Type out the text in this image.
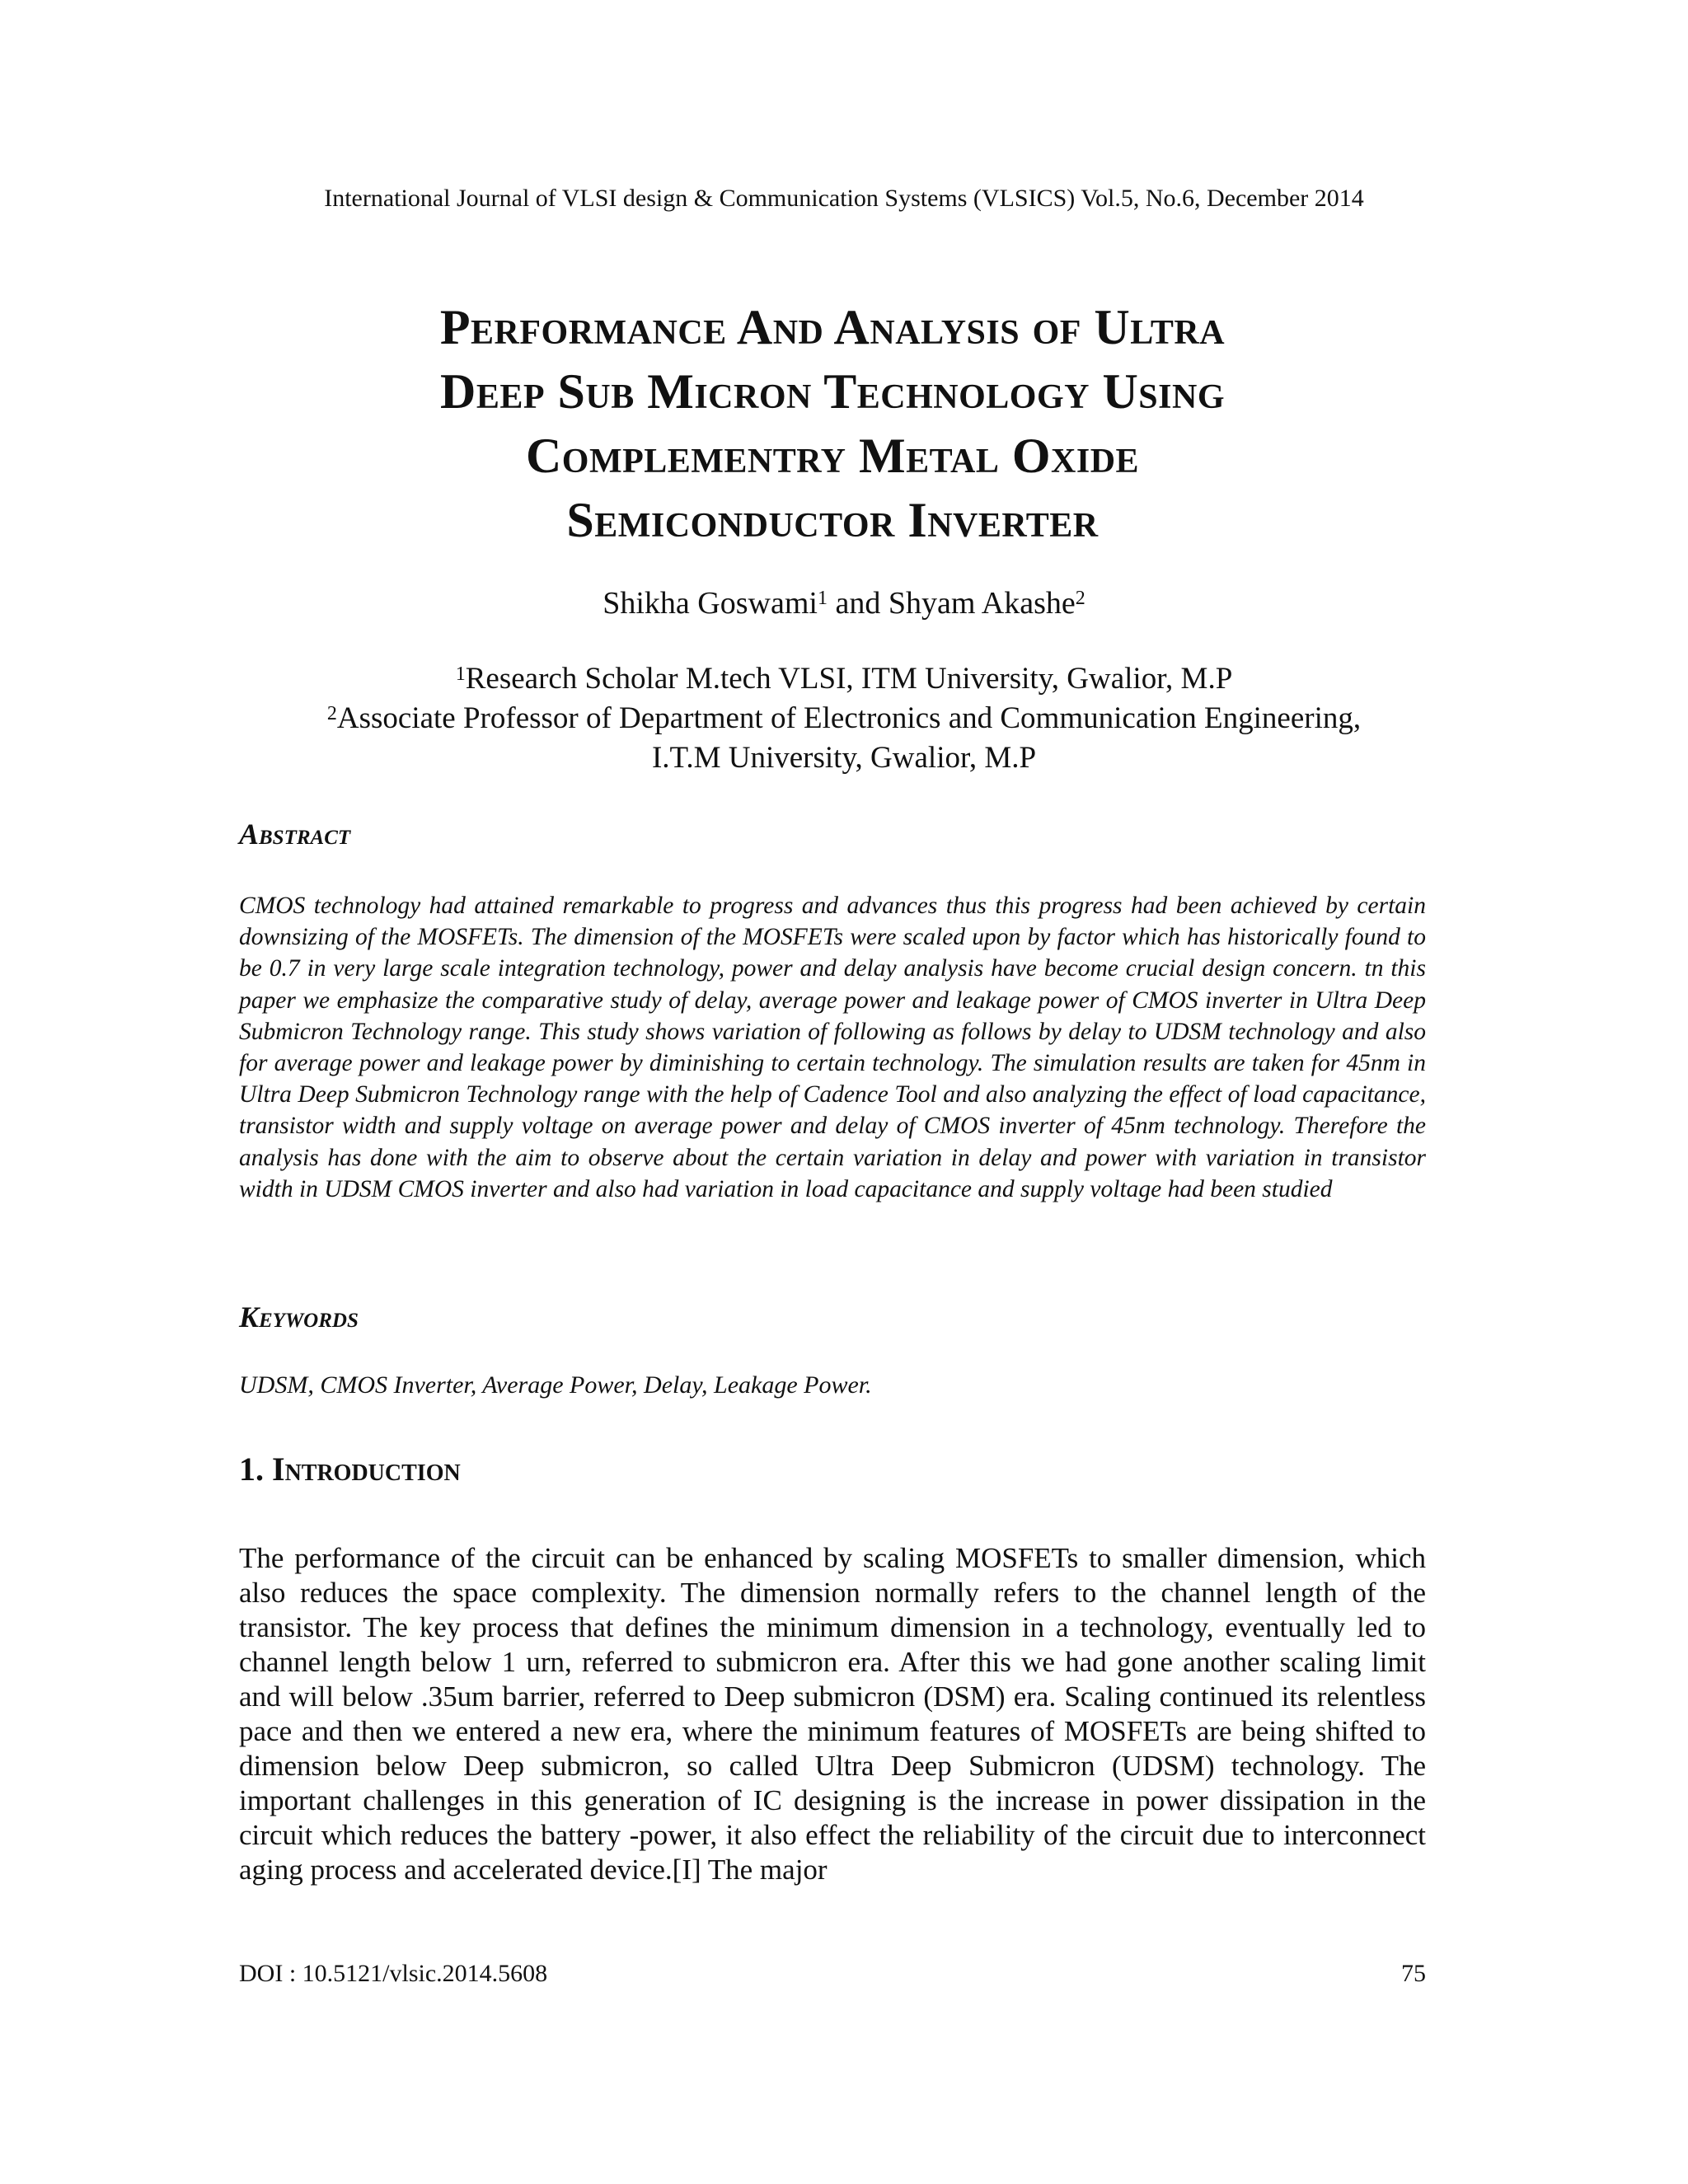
International Journal of VLSI design & Communication Systems (VLSICS) Vol.5, No.6, December 2014
Performance And Analysis of Ultra
Deep Sub Micron Technology Using
Complementry Metal Oxide
Semiconductor Inverter
Shikha Goswami$^1$ and Shyam Akashe$^2$
$^1$Research Scholar M.tech VLSI, ITM University, Gwalior, M.P
$^2$Associate Professor of Department of Electronics and Communication Engineering,
I.T.M University, Gwalior, M.P
Abstract
CMOS technology had attained remarkable to progress and advances thus this progress had been achieved by certain downsizing of the MOSFETs. The dimension of the MOSFETs were scaled upon by factor which has historically found to be 0.7 in very large scale integration technology, power and delay analysis have become crucial design concern. tn this paper we emphasize the comparative study of delay, average power and leakage power of CMOS inverter in Ultra Deep Submicron Technology range. This study shows variation of following as follows by delay to UDSM technology and also for average power and leakage power by diminishing to certain technology. The simulation results are taken for 45nm in Ultra Deep Submicron Technology range with the help of Cadence Tool and also analyzing the effect of load capacitance, transistor width and supply voltage on average power and delay of CMOS inverter of 45nm technology. Therefore the analysis has done with the aim to observe about the certain variation in delay and power with variation in transistor width in UDSM CMOS inverter and also had variation in load capacitance and supply voltage had been studied
Keywords
UDSM, CMOS Inverter, Average Power, Delay, Leakage Power.
1. Introduction
The performance of the circuit can be enhanced by scaling MOSFETs to smaller dimension, which also reduces the space complexity. The dimension normally refers to the channel length of the transistor. The key process that defines the minimum dimension in a technology, eventually led to channel length below 1 urn, referred to submicron era. After this we had gone another scaling limit and will below .35um barrier, referred to Deep submicron (DSM) era. Scaling continued its relentless pace and then we entered a new era, where the minimum features of MOSFETs are being shifted to dimension below Deep submicron, so called Ultra Deep Submicron (UDSM) technology. The important challenges in this generation of IC designing is the increase in power dissipation in the circuit which reduces the battery -power, it also effect the reliability of the circuit due to interconnect aging process and accelerated device.[I] The major
DOI : 10.5121/vlsic.2014.5608	75
